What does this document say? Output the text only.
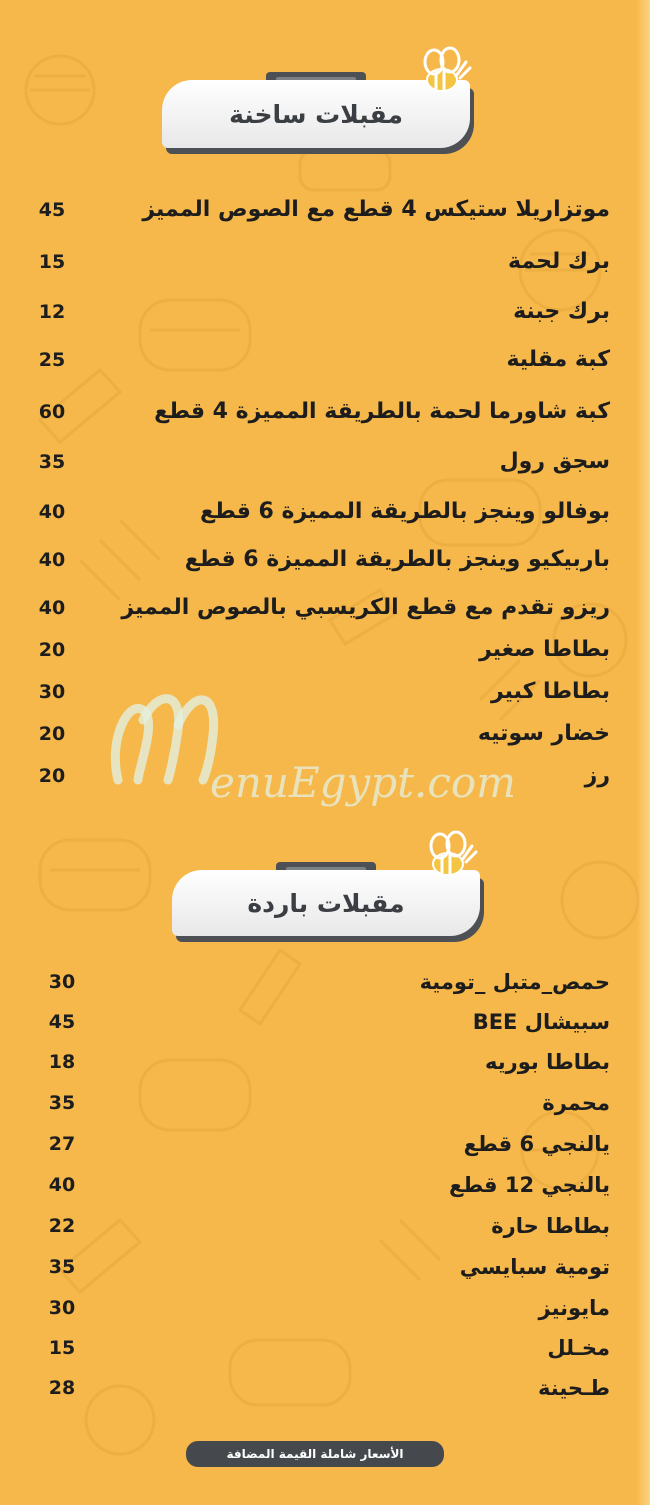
مقبلات ساخنة
موتزاريلا ستيكس 4 قطع مع الصوص المميز
45
برك لحمة
15
برك جبنة
12
كبة مقلية
25
كبة شاورما لحمة بالطريقة المميزة 4 قطع
60
سجق رول
35
بوفالو وينجز بالطريقة المميزة 6 قطع
40
باربيكيو وينجز بالطريقة المميزة 6 قطع
40
ريزو تقدم مع قطع الكريسبي بالصوص المميز
40
بطاطا صغير
20
بطاطا كبير
30
خضار سوتيه
20
رز
20	enuEgypt.com
مقبلات باردة
حمص_متبل _تومية
30
سبيشال BEE
45
بطاطا بوريه
18
محمرة
35
يالنجي 6 قطع
27
يالنجي 12 قطع
40
بطاطا حارة
22
تومية سبايسي
35
مايونيز
30
مخـلل
15
طـحينة
28
الأسعار شاملة القيمة المضافة
